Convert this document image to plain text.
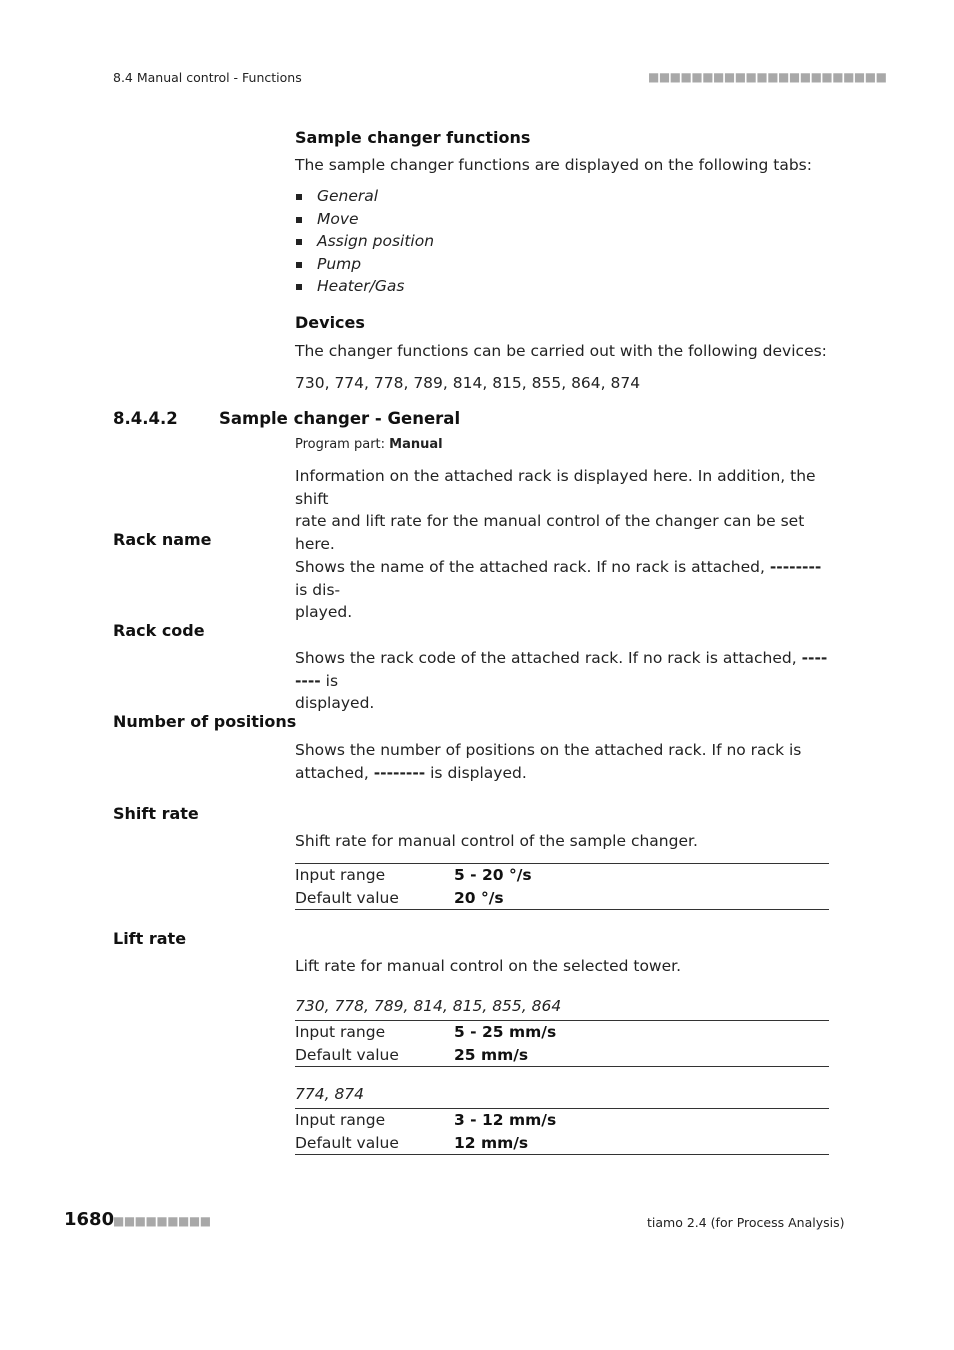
8.4 Manual control - Functions	■■■■■■■■■■■■■■■■■■■■■■
Sample changer functions
The sample changer functions are displayed on the following tabs:
General
Move
Assign position
Pump
Heater/Gas
Devices
The changer functions can be carried out with the following devices:
730, 774, 778, 789, 814, 815, 855, 864, 874
8.4.4.2	Sample changer - General
Program part: Manual
Information on the attached rack is displayed here. In addition, the shift
rate and lift rate for the manual control of the changer can be set here.
Rack name
Shows the name of the attached rack. If no rack is attached, -------- is dis-
played.
Rack code
Shows the rack code of the attached rack. If no rack is attached, -------- is
displayed.
Number of positions
Shows the number of positions on the attached rack. If no rack is
attached, -------- is displayed.
Shift rate
Shift rate for manual control of the sample changer.
Input range	5 - 20 °/s
Default value	20 °/s
Lift rate
Lift rate for manual control on the selected tower.
730, 778, 789, 814, 815, 855, 864
Input range	5 - 25 mm/s
Default value	25 mm/s
774, 874
Input range	3 - 12 mm/s
Default value	12 mm/s
1680
■■■■■■■■■	tiamo 2.4 (for Process Analysis)
